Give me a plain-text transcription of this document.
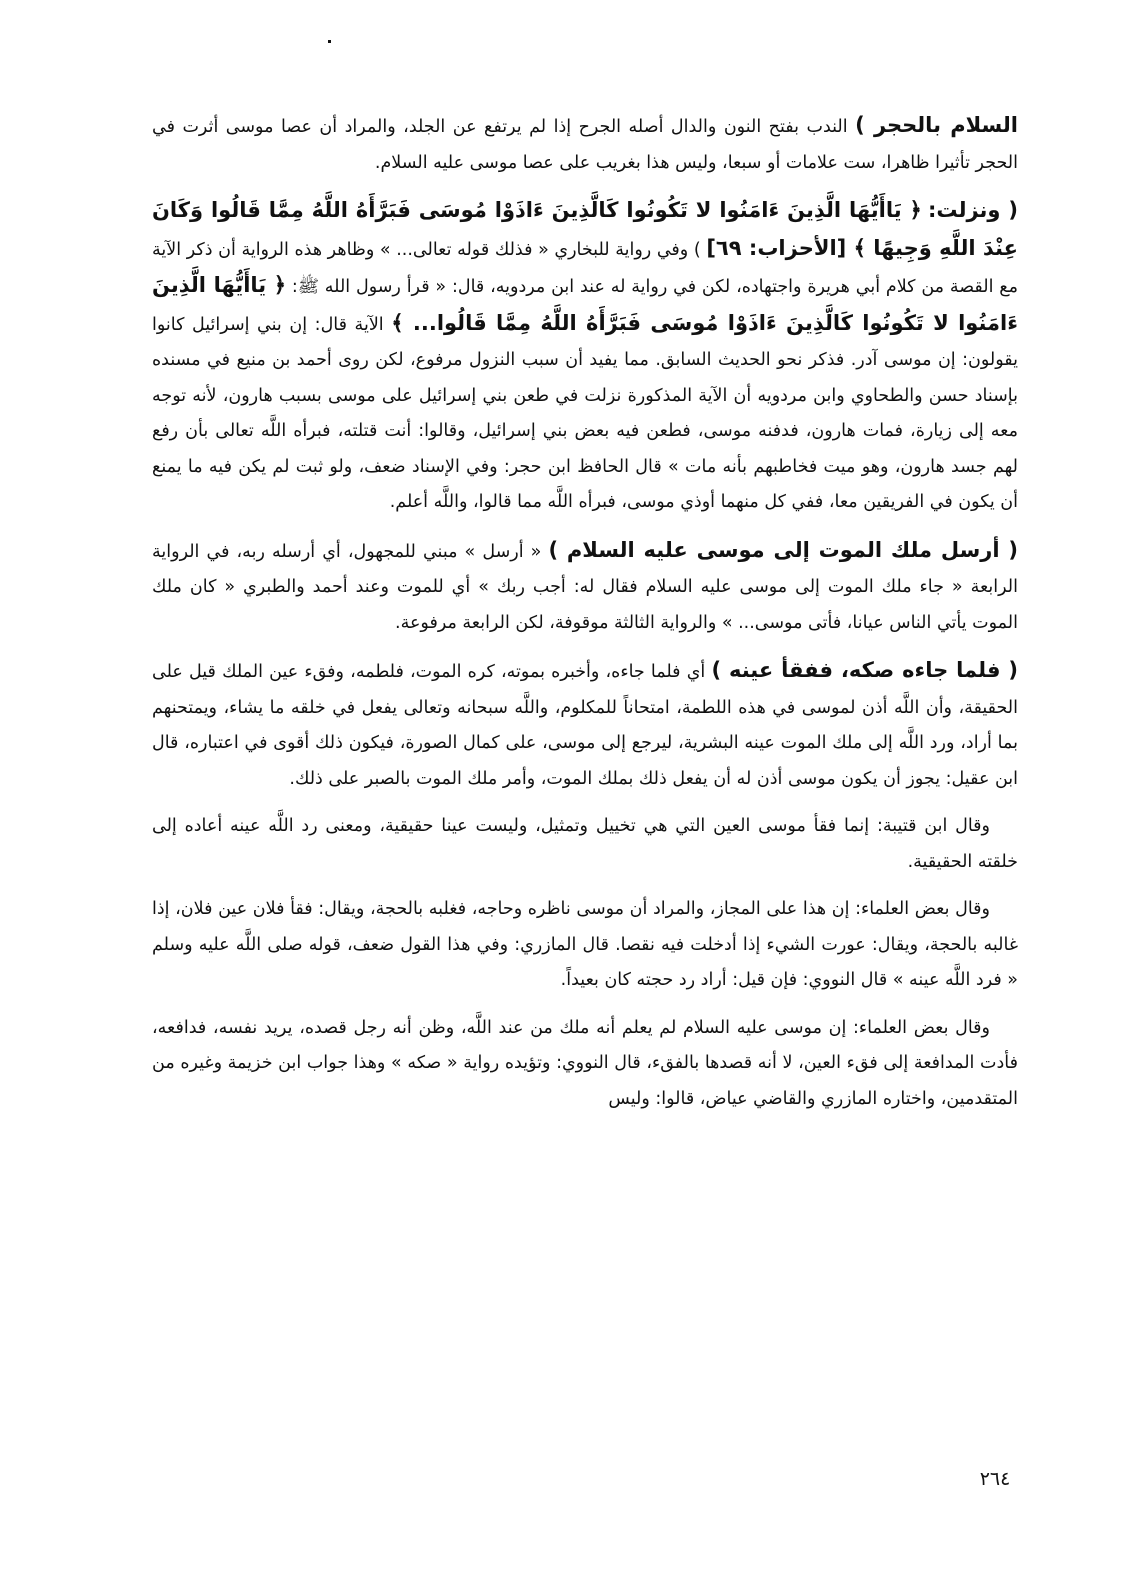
السلام بالحجر ) الندب بفتح النون والدال أصله الجرح إذا لم يرتفع عن الجلد، والمراد أن عصا موسى أثرت في الحجر تأثيرا ظاهرا، ست علامات أو سبعا، وليس هذا بغريب على عصا موسى عليه السلام.

( ونزلت: ﴿ يَاأَيُّهَا الَّذِينَ ءَامَنُوا لا تَكُونُوا كَالَّذِينَ ءَاذَوْا مُوسَى فَبَرَّأَهُ اللَّهُ مِمَّا قَالُوا وَكَانَ عِنْدَ اللَّهِ وَجِيهًا ﴾ [الأحزاب: ٦٩] ) وفي رواية للبخاري « فذلك قوله تعالى... » وظاهر هذه الرواية أن ذكر الآية مع القصة من كلام أبي هريرة واجتهاده، لكن في رواية له عند ابن مردويه، قال: « قرأ رسول الله ﷺ: ﴿ يَاأَيُّهَا الَّذِينَ ءَامَنُوا لا تَكُونُوا كَالَّذِينَ ءَاذَوْا مُوسَى فَبَرَّأَهُ اللَّهُ مِمَّا قَالُوا... ﴾ الآية قال: إن بني إسرائيل كانوا يقولون: إن موسى آدر. فذكر نحو الحديث السابق. مما يفيد أن سبب النزول مرفوع، لكن روى أحمد بن منيع في مسنده بإسناد حسن والطحاوي وابن مردويه أن الآية المذكورة نزلت في طعن بني إسرائيل على موسى بسبب هارون، لأنه توجه معه إلى زيارة، فمات هارون، فدفنه موسى، فطعن فيه بعض بني إسرائيل، وقالوا: أنت قتلته، فبرأه اللَّه تعالى بأن رفع لهم جسد هارون، وهو ميت فخاطبهم بأنه مات » قال الحافظ ابن حجر: وفي الإسناد ضعف، ولو ثبت لم يكن فيه ما يمنع أن يكون في الفريقين معا، ففي كل منهما أوذي موسى، فبرأه اللَّه مما قالوا، واللَّه أعلم.

( أرسل ملك الموت إلى موسى عليه السلام ) « أرسل » مبني للمجهول، أي أرسله ربه، في الرواية الرابعة « جاء ملك الموت إلى موسى عليه السلام فقال له: أجب ربك » أي للموت وعند أحمد والطبري « كان ملك الموت يأتي الناس عيانا، فأتى موسى... » والرواية الثالثة موقوفة، لكن الرابعة مرفوعة.

( فلما جاءه صكه، ففقأ عينه ) أي فلما جاءه، وأخبره بموته، كره الموت، فلطمه، وفقء عين الملك قيل على الحقيقة، وأن اللَّه أذن لموسى في هذه اللطمة، امتحاناً للمكلوم، واللَّه سبحانه وتعالى يفعل في خلقه ما يشاء، ويمتحنهم بما أراد، ورد اللَّه إلى ملك الموت عينه البشرية، ليرجع إلى موسى، على كمال الصورة، فيكون ذلك أقوى في اعتباره، قال ابن عقيل: يجوز أن يكون موسى أذن له أن يفعل ذلك بملك الموت، وأمر ملك الموت بالصبر على ذلك.

وقال ابن قتيبة: إنما فقأ موسى العين التي هي تخييل وتمثيل، وليست عينا حقيقية، ومعنى رد اللَّه عينه أعاده إلى خلقته الحقيقية.

وقال بعض العلماء: إن هذا على المجاز، والمراد أن موسى ناظره وحاجه، فغلبه بالحجة، ويقال: فقأ فلان عين فلان، إذا غالبه بالحجة، ويقال: عورت الشيء إذا أدخلت فيه نقصا. قال المازري: وفي هذا القول ضعف، قوله صلى اللَّه عليه وسلم « فرد اللَّه عينه » قال النووي: فإن قيل: أراد رد حجته كان بعيداً.

وقال بعض العلماء: إن موسى عليه السلام لم يعلم أنه ملك من عند اللَّه، وظن أنه رجل قصده، يريد نفسه، فدافعه، فأدت المدافعة إلى فقء العين، لا أنه قصدها بالفقء، قال النووي: وتؤيده رواية « صكه » وهذا جواب ابن خزيمة وغيره من المتقدمين، واختاره المازري والقاضي عياض، قالوا: وليس

٢٦٤
